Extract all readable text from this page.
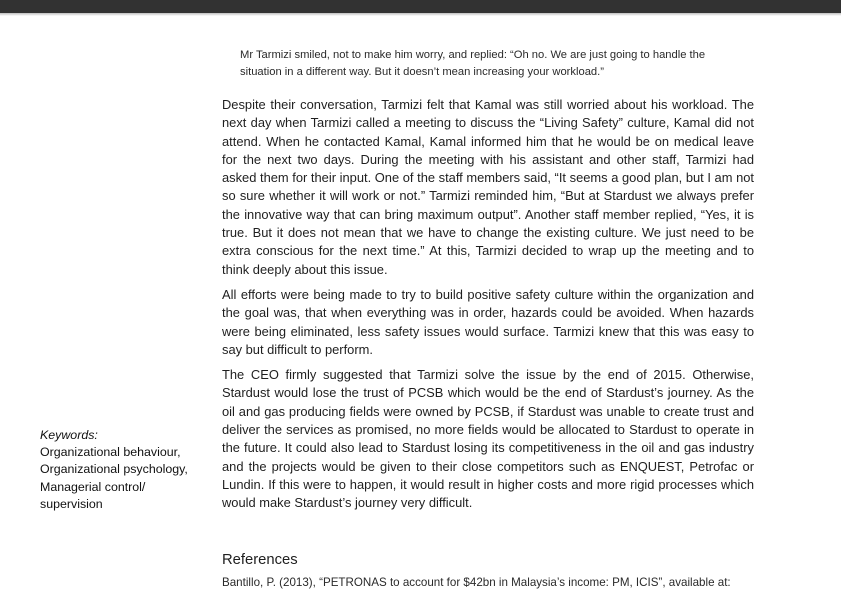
Mr Tarmizi smiled, not to make him worry, and replied: “Oh no. We are just going to handle the situation in a different way. But it doesn’t mean increasing your workload.”

Despite their conversation, Tarmizi felt that Kamal was still worried about his workload. The next day when Tarmizi called a meeting to discuss the “Living Safety” culture, Kamal did not attend. When he contacted Kamal, Kamal informed him that he would be on medical leave for the next two days. During the meeting with his assistant and other staff, Tarmizi had asked them for their input. One of the staff members said, “It seems a good plan, but I am not so sure whether it will work or not.” Tarmizi reminded him, “But at Stardust we always prefer the innovative way that can bring maximum output”. Another staff member replied, “Yes, it is true. But it does not mean that we have to change the existing culture. We just need to be extra conscious for the next time.” At this, Tarmizi decided to wrap up the meeting and to think deeply about this issue.

All efforts were being made to try to build positive safety culture within the organization and the goal was, that when everything was in order, hazards could be avoided. When hazards were being eliminated, less safety issues would surface. Tarmizi knew that this was easy to say but difficult to perform.

The CEO firmly suggested that Tarmizi solve the issue by the end of 2015. Otherwise, Stardust would lose the trust of PCSB which would be the end of Stardust’s journey. As the oil and gas producing fields were owned by PCSB, if Stardust was unable to create trust and deliver the services as promised, no more fields would be allocated to Stardust to operate in the future. It could also lead to Stardust losing its competitiveness in the oil and gas industry and the projects would be given to their close competitors such as ENQUEST, Petrofac or Lundin. If this were to happen, it would result in higher costs and more rigid processes which would make Stardust’s journey very difficult.

Keywords:
Organizational behaviour,
Organizational psychology,
Managerial control/
supervision
References

Bantillo, P. (2013), “PETRONAS to account for $42bn in Malaysia’s income: PM, ICIS”, available at:
